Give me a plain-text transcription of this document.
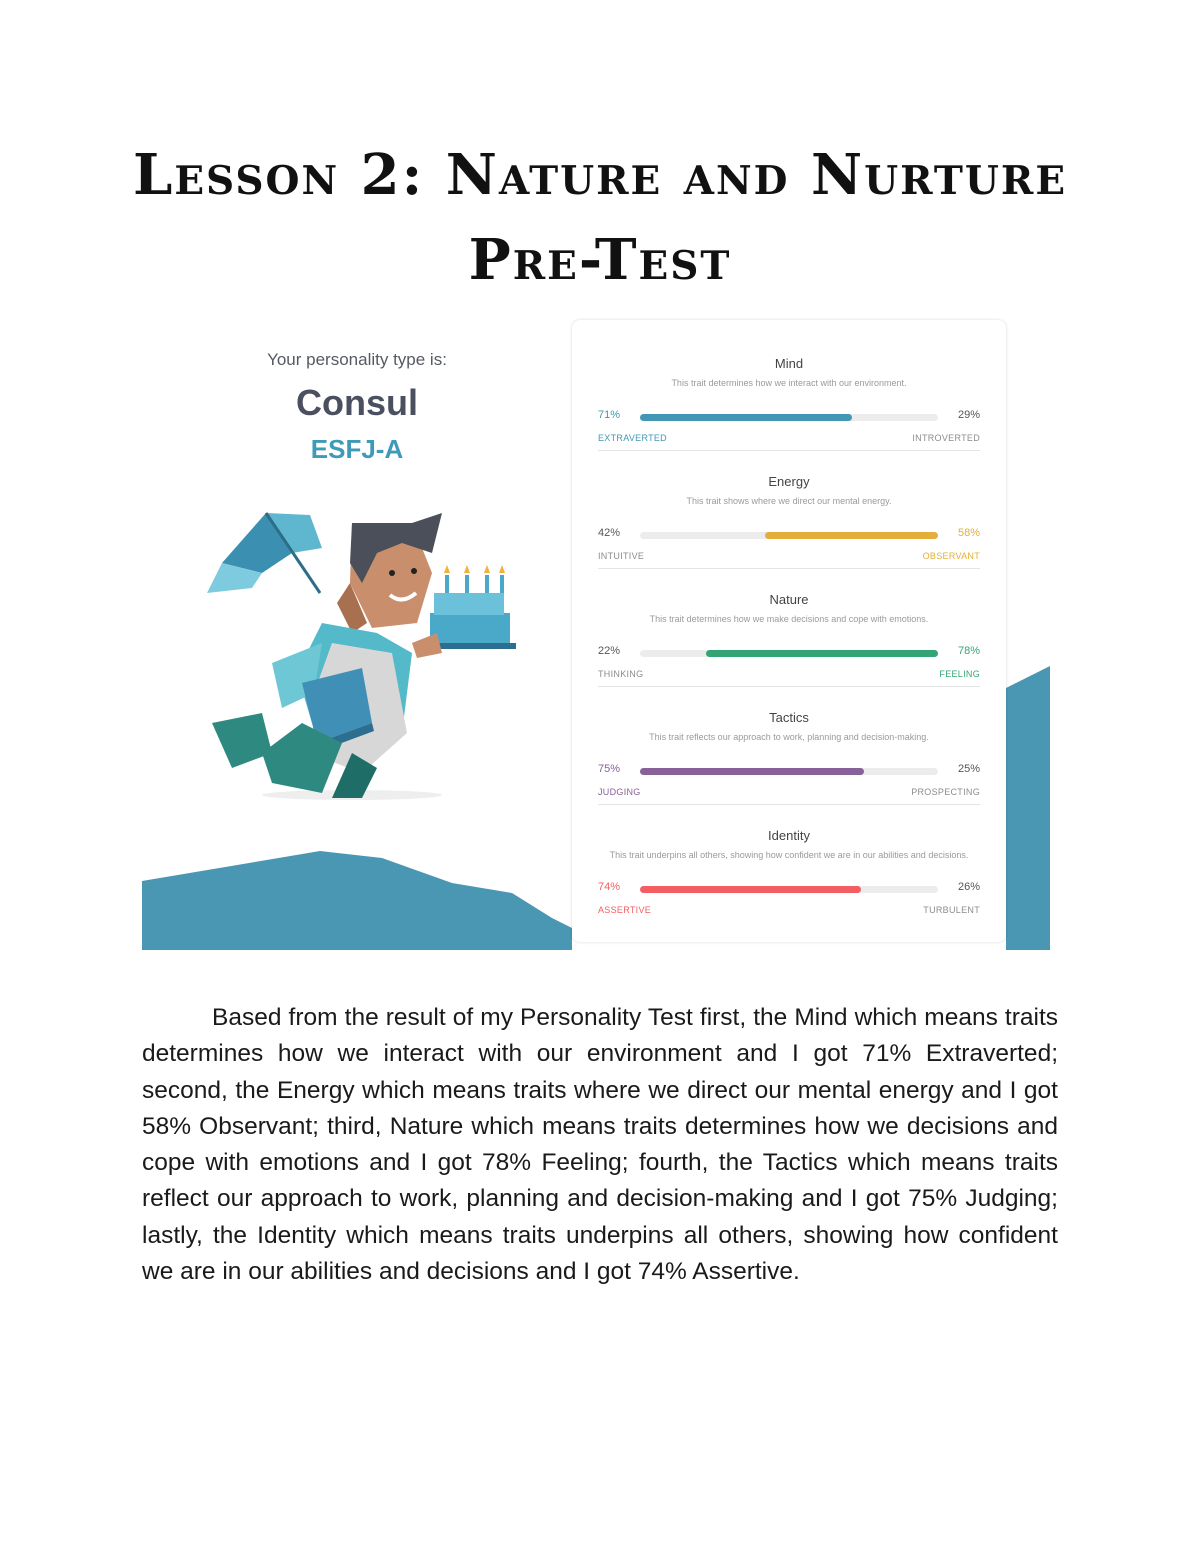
Lesson 2: Nature and Nurture
Pre-Test
Your personality type is:
Consul
ESFJ-A
Mind
This trait determines how we interact with our environment.
71%	29%
EXTRAVERTED	INTROVERTED
Energy
This trait shows where we direct our mental energy.
42%	58%
INTUITIVE	OBSERVANT
Nature
This trait determines how we make decisions and cope with emotions.
22%	78%
THINKING	FEELING
Tactics
This trait reflects our approach to work, planning and decision-making.
75%	25%
JUDGING	PROSPECTING
Identity
This trait underpins all others, showing how confident we are in our abilities and decisions.
74%	26%
ASSERTIVE	TURBULENT

Based from the result of my Personality Test first, the Mind which means traits determines how we interact with our environment and I got 71% Extraverted; second, the Energy which means traits where we direct our mental energy and I got 58% Observant; third, Nature which means traits determines how we decisions and cope with emotions and I got 78% Feeling; fourth, the Tactics which means traits reflect our approach to work, planning and decision-making and I got 75% Judging; lastly, the Identity which means traits underpins all others, showing how confident we are in our abilities and decisions and I got 74% Assertive.
